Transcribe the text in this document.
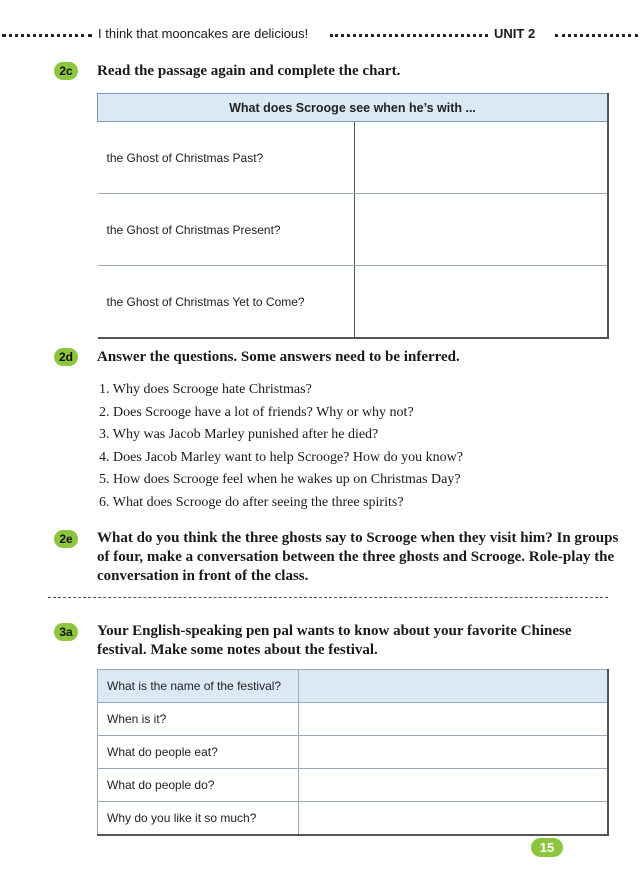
I think that mooncakes are delicious!	UNIT 2
2c	Read the passage again and complete the chart.
What does Scrooge see when he’s with ...	
the Ghost of Christmas Past?	
the Ghost of Christmas Present?	
the Ghost of Christmas Yet to Come?	
2d	Answer the questions. Some answers need to be inferred.
1. Why does Scrooge hate Christmas?
2. Does Scrooge have a lot of friends? Why or why not?
3. Why was Jacob Marley punished after he died?
4. Does Jacob Marley want to help Scrooge? How do you know?
5. How does Scrooge feel when he wakes up on Christmas Day?
6. What does Scrooge do after seeing the three spirits?
2e	What do you think the three ghosts say to Scrooge when they visit him? In groups of four, make a conversation between the three ghosts and Scrooge. Role-play the conversation in front of the class.
3a	Your English-speaking pen pal wants to know about your favorite Chinese festival. Make some notes about the festival.
What is the name of the festival?	
When is it?	
What do people eat?	
What do people do?	
Why do you like it so much?	
15
